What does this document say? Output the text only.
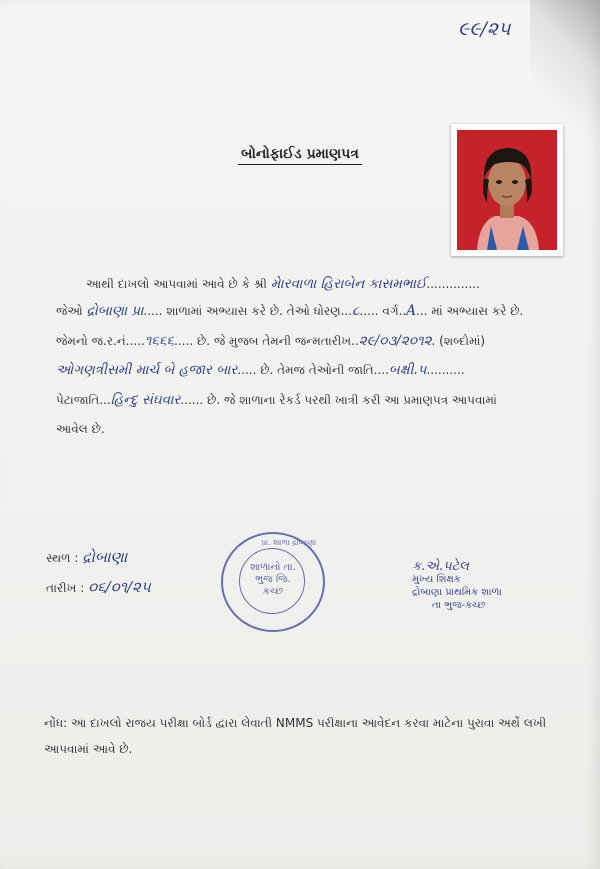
૯૯/૨૫
બોનોફાઈડ પ્રમાણપત્ર
આથી દાખલો આપવામાં આવે છે કે શ્રી મેારવાળા હિરાબેન કાસમભાઈ..............
જેઓ દ્રોબાણા પ્રા..... શાળામાં અભ્યાસ કરે છે. તેઓ ધોરણ...૮..... વર્ગ..A... માં અભ્યાસ કરે છે.
જેમનો જ.ર.નં.....૧૬૬૬..... છે. જે મુજબ તેમની જન્મતારીખ..૨૯/૦૩/૨૦૧૨. (શબ્દોમાં)
ઓગણત્રીસમી માર્ચ બે હજાર બાર..... છે. તેમજ તેઓની જાતિ....બક્ષી.પ..........
પેટાજાતિ...હિન્દુ સંઘવાર...... છે. જે શાળાના રેકર્ડ પરથી ખાત્રી કરી આ પ્રમાણપત્ર આપવામાં
આવેલ છે.
સ્થળ : દ્રોબાણા
તારીખ : ૦૬/૦૧/૨૫
પ્રા. શાળા દ્રોબાણા
શાળાનો તા. ભુજ જિ. કચ્છ
ક.એ.પટેલ
મુખ્ય શિક્ષક
દ્રોબાણા પ્રાથમિક શાળા
તા ભુજ-કચ્છ
નોંધ: આ દાખલો રાજય પરીક્ષા બોર્ડ દ્વારા લેવાતી NMMS પરીક્ષાના આવેદન કરવા માટેના પુરાવા અર્થે લખી આપવામાં આવે છે.
